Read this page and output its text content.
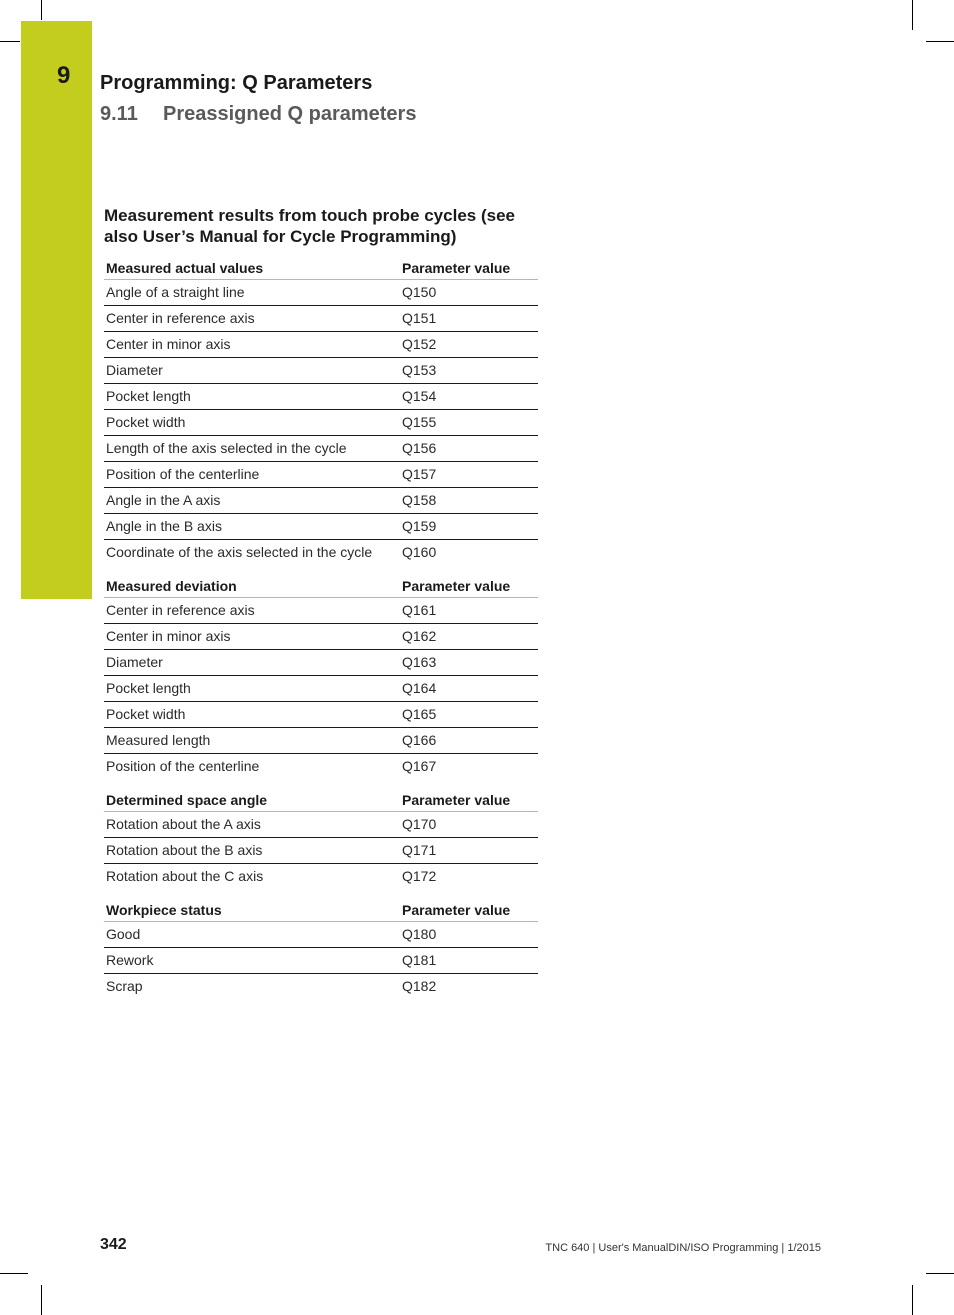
9 Programming: Q Parameters
9.11 Preassigned Q parameters
Measurement results from touch probe cycles (see also User’s Manual for Cycle Programming)
Measured actual values	Parameter value
Angle of a straight line	Q150
Center in reference axis	Q151
Center in minor axis	Q152
Diameter	Q153
Pocket length	Q154
Pocket width	Q155
Length of the axis selected in the cycle	Q156
Position of the centerline	Q157
Angle in the A axis	Q158
Angle in the B axis	Q159
Coordinate of the axis selected in the cycle	Q160
Measured deviation	Parameter value
Center in reference axis	Q161
Center in minor axis	Q162
Diameter	Q163
Pocket length	Q164
Pocket width	Q165
Measured length	Q166
Position of the centerline	Q167
Determined space angle	Parameter value
Rotation about the A axis	Q170
Rotation about the B axis	Q171
Rotation about the C axis	Q172
Workpiece status	Parameter value
Good	Q180
Rework	Q181
Scrap	Q182
342	TNC 640 | User's ManualDIN/ISO Programming | 1/2015
